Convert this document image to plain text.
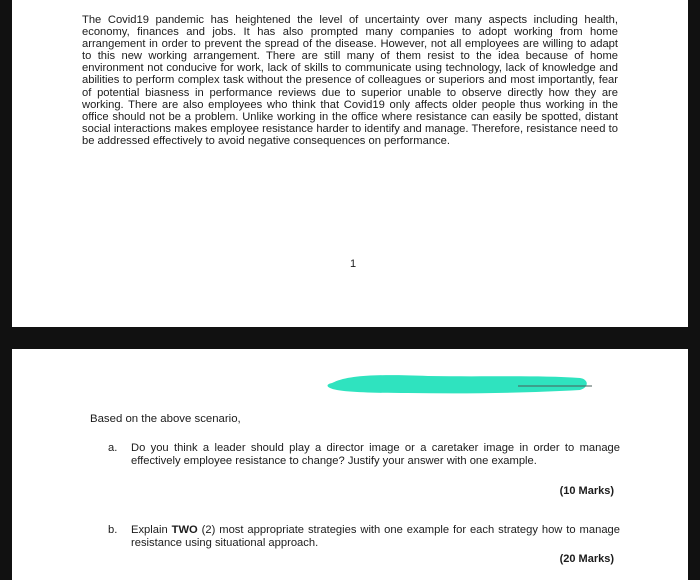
The Covid19 pandemic has heightened the level of uncertainty over many aspects including health, economy, finances and jobs. It has also prompted many companies to adopt working from home arrangement in order to prevent the spread of the disease. However, not all employees are willing to adapt to this new working arrangement. There are still many of them resist to the idea because of home environment not conducive for work, lack of skills to communicate using technology, lack of knowledge and abilities to perform complex task without the presence of colleagues or superiors and most importantly, fear of potential biasness in performance reviews due to superior unable to observe directly how they are working. There are also employees who think that Covid19 only affects older people thus working in the office should not be a problem. Unlike working in the office where resistance can easily be spotted, distant social interactions makes employee resistance harder to identify and manage. Therefore, resistance need to be addressed effectively to avoid negative consequences on performance.

1

Based on the above scenario,

a.	Do you think a leader should play a director image or a caretaker image in order to manage effectively employee resistance to change? Justify your answer with one example.
(10 Marks)
b.	Explain TWO (2) most appropriate strategies with one example for each strategy how to manage resistance using situational approach.
(20 Marks)
